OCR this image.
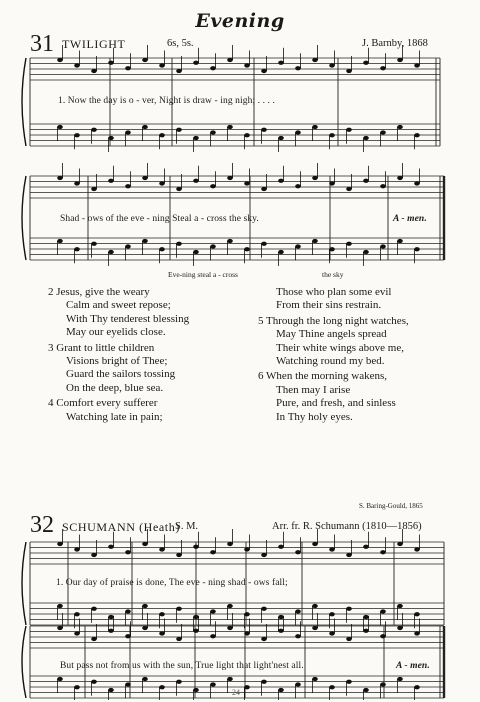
Evening
31 TWILIGHT	6s, 5s.	J. Barnby, 1868
1. Now the day is o - ver, Night is draw - ing nigh; . . . .
Shad - ows of the eve - ning Steal a - cross the sky.	A - men.
Eve-ning steal a - cross	the sky
2 Jesus, give the weary
Calm and sweet repose;
With Thy tenderest blessing
May our eyelids close.
3 Grant to little children
Visions bright of Thee;
Guard the sailors tossing
On the deep, blue sea.
4 Comfort every sufferer
Watching late in pain;
Those who plan some evil
From their sins restrain.
5 Through the long night watches,
May Thine angels spread
Their white wings above me,
Watching round my bed.
6 When the morning wakens,
Then may I arise
Pure, and fresh, and sinless
In Thy holy eyes.
S. Baring-Gould, 1865
32 SCHUMANN (Heath)
S. M.	Arr. fr. R. Schumann (1810—1856)
1. Our day of praise is done, The eve - ning shad - ows fall;
But pass not from us with the sun, True light that light'nest all.	A - men.
24
